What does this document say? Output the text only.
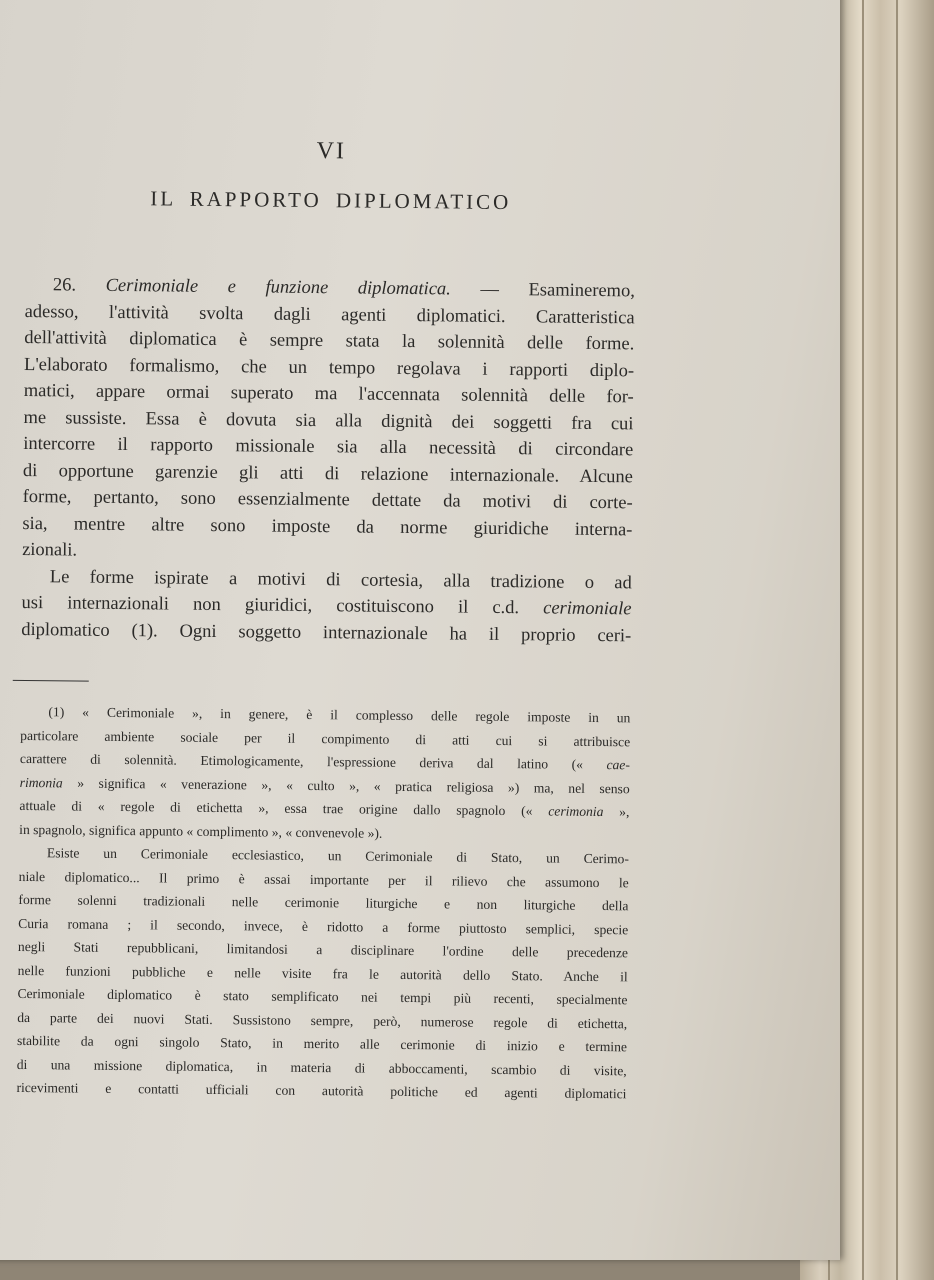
VI
IL RAPPORTO DIPLOMATICO
26. Cerimoniale e funzione diplomatica. — Esamineremo,
adesso, l'attività svolta dagli agenti diplomatici. Caratteristica
dell'attività diplomatica è sempre stata la solennità delle forme.
L'elaborato formalismo, che un tempo regolava i rapporti diplo-
matici, appare ormai superato ma l'accennata solennità delle for-
me sussiste. Essa è dovuta sia alla dignità dei soggetti fra cui
intercorre il rapporto missionale sia alla necessità di circondare
di opportune garenzie gli atti di relazione internazionale. Alcune
forme, pertanto, sono essenzialmente dettate da motivi di corte-
sia, mentre altre sono imposte da norme giuridiche interna-
zionali.
Le forme ispirate a motivi di cortesia, alla tradizione o ad
usi internazionali non giuridici, costituiscono il c.d. cerimoniale
diplomatico (1). Ogni soggetto internazionale ha il proprio ceri-
(1) « Cerimoniale », in genere, è il complesso delle regole imposte in un
particolare ambiente sociale per il compimento di atti cui si attribuisce
carattere di solennità. Etimologicamente, l'espressione deriva dal latino (« cae-
rimonia » significa « venerazione », « culto », « pratica religiosa ») ma, nel senso
attuale di « regole di etichetta », essa trae origine dallo spagnolo (« cerimonia »,
in spagnolo, significa appunto « complimento », « convenevole »).
Esiste un Cerimoniale ecclesiastico, un Cerimoniale di Stato, un Cerimo-
niale diplomatico... Il primo è assai importante per il rilievo che assumono le
forme solenni tradizionali nelle cerimonie liturgiche e non liturgiche della
Curia romana ; il secondo, invece, è ridotto a forme piuttosto semplici, specie
negli Stati repubblicani, limitandosi a disciplinare l'ordine delle precedenze
nelle funzioni pubbliche e nelle visite fra le autorità dello Stato. Anche il
Cerimoniale diplomatico è stato semplificato nei tempi più recenti, specialmente
da parte dei nuovi Stati. Sussistono sempre, però, numerose regole di etichetta,
stabilite da ogni singolo Stato, in merito alle cerimonie di inizio e termine
di una missione diplomatica, in materia di abboccamenti, scambio di visite,
ricevimenti e contatti ufficiali con autorità politiche ed agenti diplomatici
